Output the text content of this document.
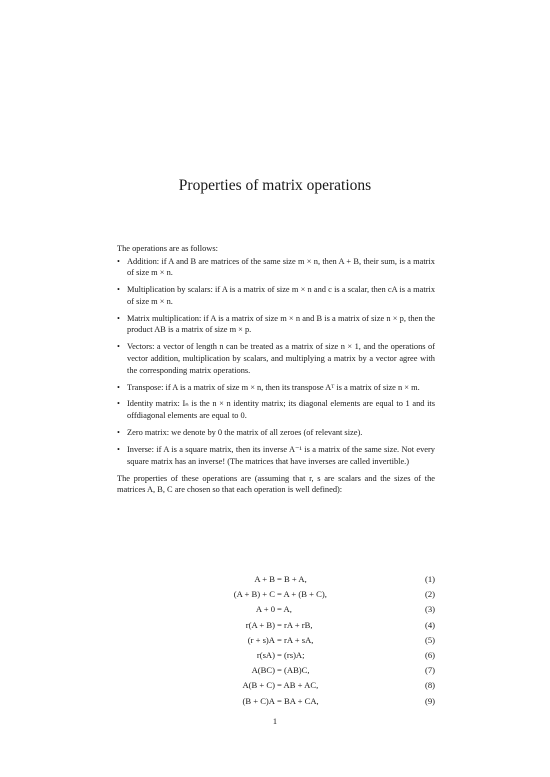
Properties of matrix operations

The operations are as follows:

• Addition: if A and B are matrices of the same size m × n, then A + B, their sum, is a matrix of size m × n.
• Multiplication by scalars: if A is a matrix of size m × n and c is a scalar, then cA is a matrix of size m × n.
• Matrix multiplication: if A is a matrix of size m × n and B is a matrix of size n × p, then the product AB is a matrix of size m × p.
• Vectors: a vector of length n can be treated as a matrix of size n × 1, and the operations of vector addition, multiplication by scalars, and multiplying a matrix by a vector agree with the corresponding matrix operations.
• Transpose: if A is a matrix of size m × n, then its transpose Aᵀ is a matrix of size n × m.
• Identity matrix: Iₙ is the n × n identity matrix; its diagonal elements are equal to 1 and its offdiagonal elements are equal to 0.
• Zero matrix: we denote by 0 the matrix of all zeroes (of relevant size).
• Inverse: if A is a square matrix, then its inverse A⁻¹ is a matrix of the same size. Not every square matrix has an inverse! (The matrices that have inverses are called invertible.)

The properties of these operations are (assuming that r, s are scalars and the sizes of the matrices A, B, C are chosen so that each operation is well defined):

A + B = B + A,	(1)
(A + B) + C = A + (B + C),	(2)
A + 0 = A,	(3)
r(A + B) = rA + rB,	(4)
(r + s)A = rA + sA,	(5)
r(sA) = (rs)A;	(6)
A(BC) = (AB)C,	(7)
A(B + C) = AB + AC,	(8)
(B + C)A = BA + CA,	(9)
1
